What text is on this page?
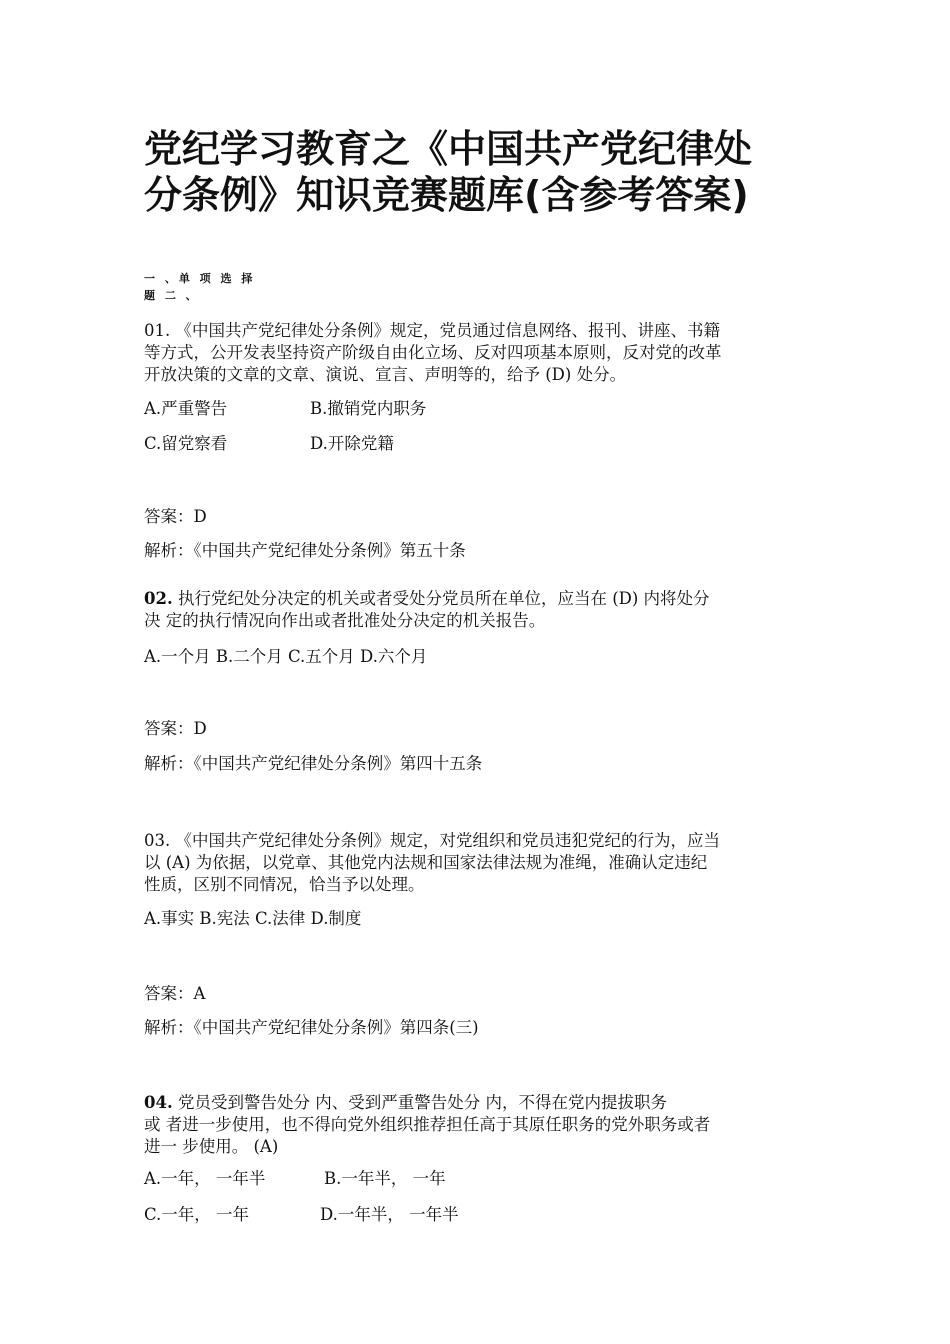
党纪学习教育之《中国共产党纪律处
分条例》知识竞赛题库(含参考答案)
一 、单 项 选 择
题 二 、
01. 《中国共产党纪律处分条例》规定，党员通过信息网络、报刊、讲座、书籍
等方式，公开发表坚持资产阶级自由化立场、反对四项基本原则，反对党的改革
开放决策的文章的文章、演说、宣言、声明等的，给予 (D) 处分。
A.严重警告	B.撤销党内职务
C.留党察看	D.开除党籍
答案：D
解析：《中国共产党纪律处分条例》第五十条
02. 执行党纪处分决定的机关或者受处分党员所在单位，应当在 (D) 内将处分
决 定的执行情况向作出或者批准处分决定的机关报告。
A.一个月 B.二个月 C.五个月 D.六个月
答案：D
解析：《中国共产党纪律处分条例》第四十五条
03. 《中国共产党纪律处分条例》规定，对党组织和党员违犯党纪的行为，应当
以 (A) 为依据，以党章、其他党内法规和国家法律法规为准绳，准确认定违纪
性质，区别不同情况，恰当予以处理。
A.事实 B.宪法 C.法律 D.制度
答案：A
解析：《中国共产党纪律处分条例》第四条(三)
04. 党员受到警告处分 内、受到严重警告处分 内，不得在党内提拔职务
或 者进一步使用，也不得向党外组织推荐担任高于其原任职务的党外职务或者
进一 步使用。 (A)
A.一年， 一年半	B.一年半， 一年
C.一年， 一年	D.一年半， 一年半
